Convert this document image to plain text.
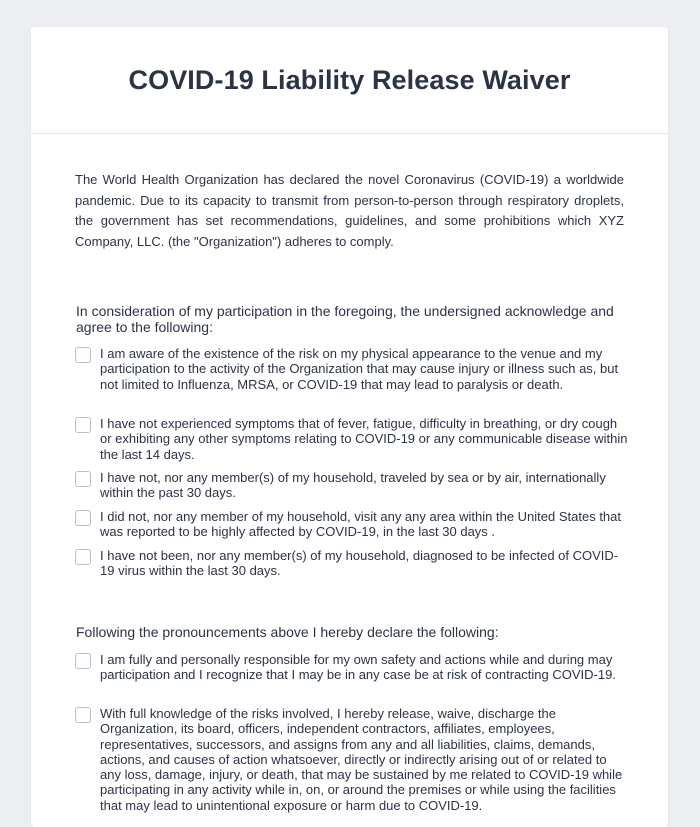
COVID-19 Liability Release Waiver
The World Health Organization has declared the novel Coronavirus (COVID-19) a worldwide pandemic. Due to its capacity to transmit from person-to-person through respiratory droplets, the government has set recommendations, guidelines, and some prohibitions which XYZ Company, LLC. (the "Organization") adheres to comply.
In consideration of my participation in the foregoing, the undersigned acknowledge and agree to the following:
I am aware of the existence of the risk on my physical appearance to the venue and my participation to the activity of the Organization that may cause injury or illness such as, but not limited to Influenza, MRSA, or COVID-19 that may lead to paralysis or death.
I have not experienced symptoms that of fever, fatigue, difficulty in breathing, or dry cough or exhibiting any other symptoms relating to COVID-19 or any communicable disease within the last 14 days.
I have not, nor any member(s) of my household, traveled by sea or by air, internationally within the past 30 days.
I did not, nor any member of my household, visit any any area within the United States that was reported to be highly affected by COVID-19, in the last 30 days .
I have not been, nor any member(s) of my household, diagnosed to be infected of COVID-19 virus within the last 30 days.
Following the pronouncements above I hereby declare the following:
I am fully and personally responsible for my own safety and actions while and during may participation and I recognize that I may be in any case be at risk of contracting COVID-19.
With full knowledge of the risks involved, I hereby release, waive, discharge the Organization, its board, officers, independent contractors, affiliates, employees, representatives, successors, and assigns from any and all liabilities, claims, demands, actions, and causes of action whatsoever, directly or indirectly arising out of or related to any loss, damage, injury, or death, that may be sustained by me related to COVID-19 while participating in any activity while in, on, or around the premises or while using the facilities that may lead to unintentional exposure or harm due to COVID-19.
